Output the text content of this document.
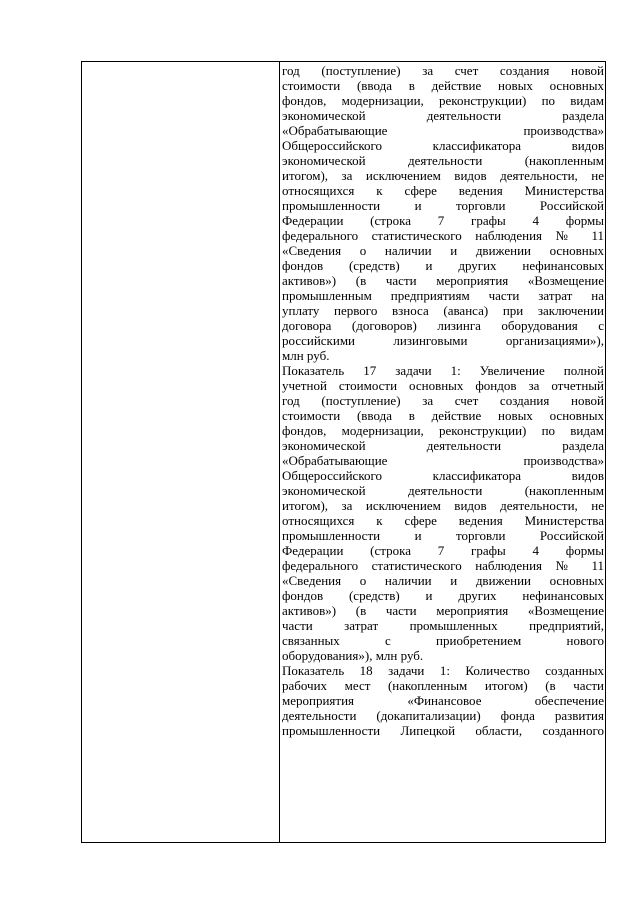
год (поступление) за счет создания новой
стоимости (ввода в действие новых основных
фондов, модернизации, реконструкции) по видам
экономической деятельности раздела
«Обрабатывающие производства»
Общероссийского классификатора видов
экономической деятельности (накопленным
итогом), за исключением видов деятельности, не
относящихся к сфере ведения Министерства
промышленности и торговли Российской
Федерации (строка 7 графы 4 формы
федерального статистического наблюдения № 11
«Сведения о наличии и движении основных
фондов (средств) и других нефинансовых
активов») (в части мероприятия «Возмещение
промышленным предприятиям части затрат на
уплату первого взноса (аванса) при заключении
договора (договоров) лизинга оборудования с
российскими лизинговыми организациями»),
млн руб.
Показатель 17 задачи 1: Увеличение полной
учетной стоимости основных фондов за отчетный
год (поступление) за счет создания новой
стоимости (ввода в действие новых основных
фондов, модернизации, реконструкции) по видам
экономической деятельности раздела
«Обрабатывающие производства»
Общероссийского классификатора видов
экономической деятельности (накопленным
итогом), за исключением видов деятельности, не
относящихся к сфере ведения Министерства
промышленности и торговли Российской
Федерации (строка 7 графы 4 формы
федерального статистического наблюдения № 11
«Сведения о наличии и движении основных
фондов (средств) и других нефинансовых
активов») (в части мероприятия «Возмещение
части затрат промышленных предприятий,
связанных с приобретением нового
оборудования»), млн руб.
Показатель 18 задачи 1: Количество созданных
рабочих мест (накопленным итогом) (в части
мероприятия «Финансовое обеспечение
деятельности (докапитализации) фонда развития
промышленности Липецкой области, созданного
